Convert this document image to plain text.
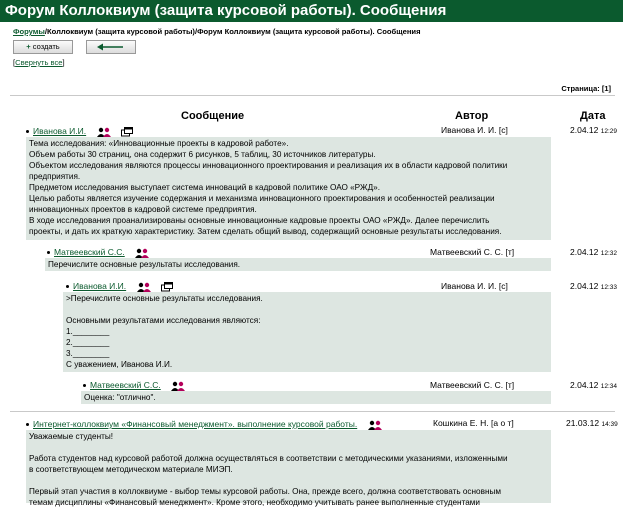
Форум Коллоквиум (защита курсовой работы). Сообщения
Форумы/Коллоквиум (защита курсовой работы)/Форум Коллоквиум (защита курсовой работы). Сообщения
+ создать
[Свернуть все]
Страница: [1]
Сообщение	Автор	Дата
Иванова И.И.	Иванова И. И. [с]	2.04.12 12:29
Тема исследования: «Инновационные проекты в кадровой работе».
Объем работы 30 страниц, она содержит 6 рисунков, 5 таблиц, 30 источников литературы.
Объектом исследования являются процессы инновационного проектирования и реализация их в области кадровой политики
предприятия.
Предметом исследования выступает система инноваций в кадровой политике ОАО «РЖД».
Целью работы является изучение содержания и механизма инновационного проектирования и особенностей реализации
инновационных проектов в кадровой системе предприятия.
В ходе исследования проанализированы основные инновационные кадровые проекты ОАО «РЖД». Далее перечислить
проекты, и дать их краткую характеристику. Затем сделать общий вывод, содержащий основные результаты исследования.
Матвеевский С.С.	Матвеевский С. С. [т]	2.04.12 12:32
Перечислите основные результаты исследования.
Иванова И.И.	Иванова И. И. [с]	2.04.12 12:33
>Перечислите основные результаты исследования.

Основными результатами исследования являются:
1.________
2.________
3.________
С уважением, Иванова И.И.
Матвеевский С.С.	Матвеевский С. С. [т]	2.04.12 12:34
Оценка: "отлично".
Интернет-коллоквиум «Финансовый менеджмент». выполнение курсовой работы.	Кошкина Е. Н. [а о т]	21.03.12 14:39
Уважаемые студенты!

Работа студентов над курсовой работой должна осуществляться в соответствии с методическими указаниями, изложенными
в соответствующем методическом материале МИЭП.

Первый этап участия в коллоквиуме - выбор темы курсовой работы. Она, прежде всего, должна соответствовать основным
темам дисциплины «Финансовый менеджмент». Кроме этого, необходимо учитывать ранее выполненные студентами
